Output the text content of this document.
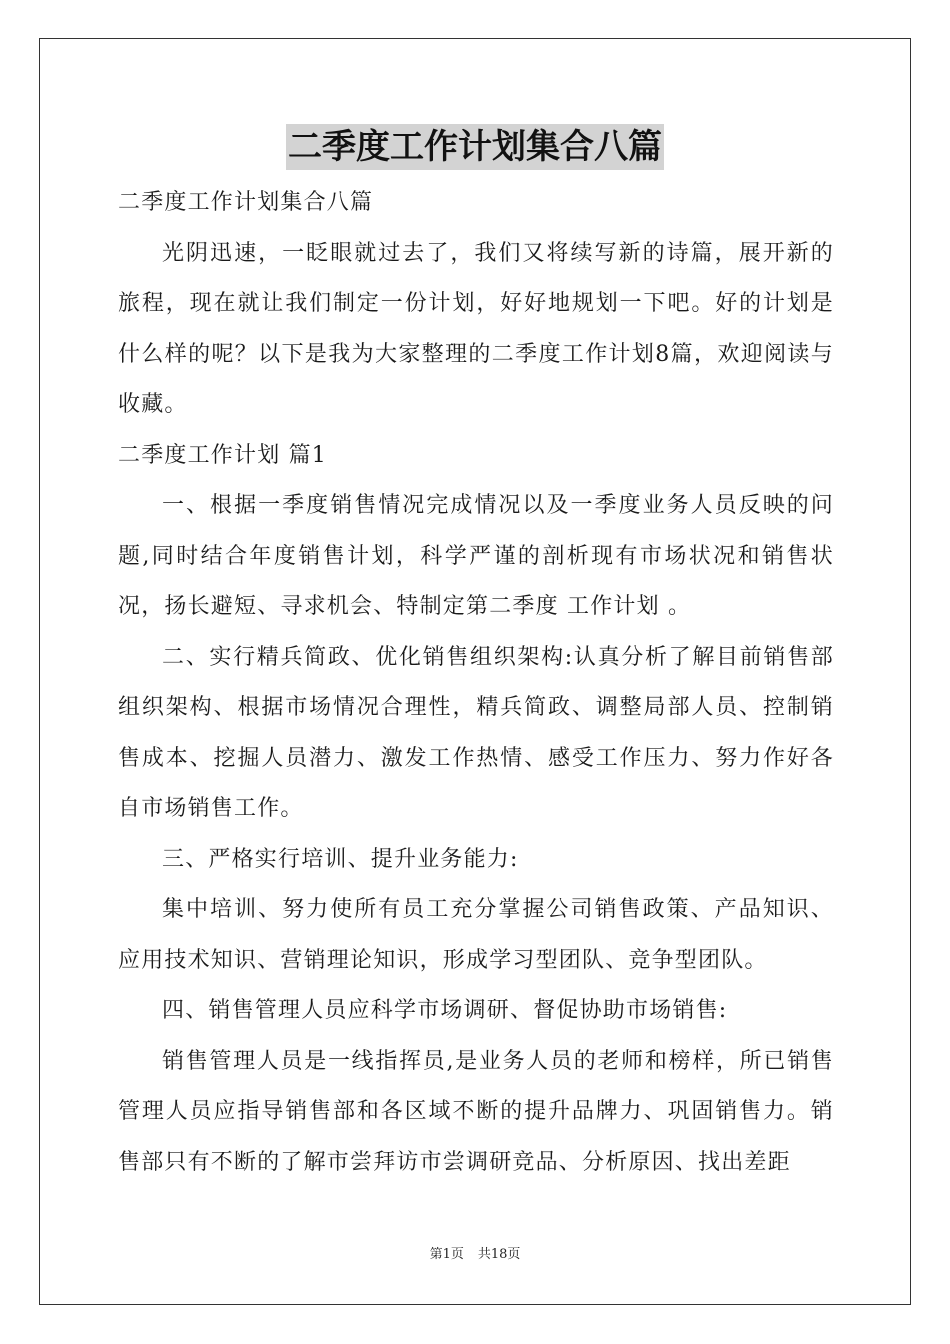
二季度工作计划集合八篇

二季度工作计划集合八篇

光阴迅速，一眨眼就过去了，我们又将续写新的诗篇，展开新的旅程，现在就让我们制定一份计划，好好地规划一下吧。好的计划是什么样的呢？以下是我为大家整理的二季度工作计划8篇，欢迎阅读与收藏。

二季度工作计划 篇1

一、根据一季度销售情况完成情况以及一季度业务人员反映的问题,同时结合年度销售计划，科学严谨的剖析现有市场状况和销售状况，扬长避短、寻求机会、特制定第二季度 工作计划 。

二、实行精兵简政、优化销售组织架构:认真分析了解目前销售部组织架构、根据市场情况合理性，精兵简政、调整局部人员、控制销售成本、挖掘人员潜力、激发工作热情、感受工作压力、努力作好各自市场销售工作。

三、严格实行培训、提升业务能力:

集中培训、努力使所有员工充分掌握公司销售政策、产品知识、应用技术知识、营销理论知识，形成学习型团队、竞争型团队。

四、销售管理人员应科学市场调研、督促协助市场销售:

销售管理人员是一线指挥员,是业务人员的老师和榜样，所已销售管理人员应指导销售部和各区域不断的提升品牌力、巩固销售力。销售部只有不断的了解市尝拜访市尝调研竞品、分析原因、找出差距

第1页 共18页
